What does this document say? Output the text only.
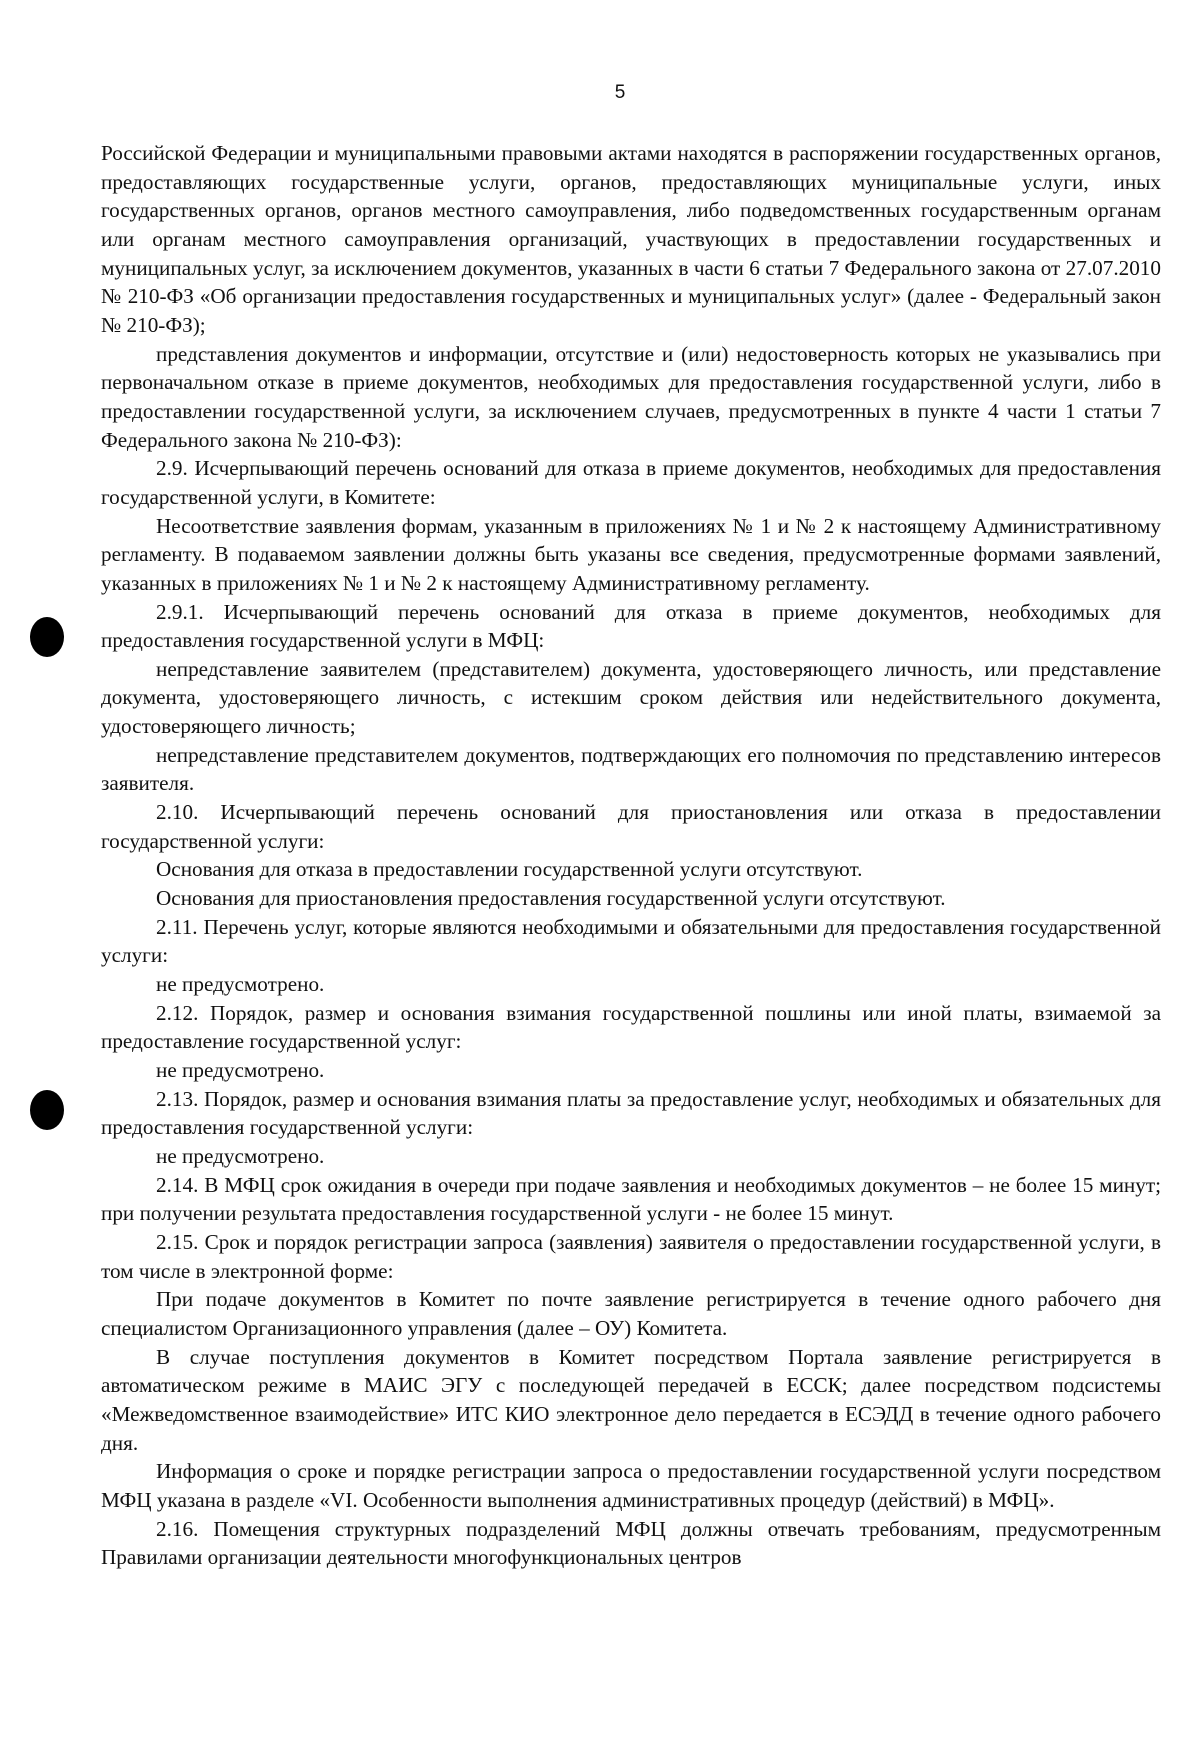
5

Российской Федерации и муниципальными правовыми актами находятся в распоряжении государственных органов, предоставляющих государственные услуги, органов, предоставляющих муниципальные услуги, иных государственных органов, органов местного самоуправления, либо подведомственных государственным органам или органам местного самоуправления организаций, участвующих в предоставлении государственных и муниципальных услуг, за исключением документов, указанных в части 6 статьи 7 Федерального закона от 27.07.2010 № 210-ФЗ «Об организации предоставления государственных и муниципальных услуг» (далее - Федеральный закон № 210-ФЗ);

представления документов и информации, отсутствие и (или) недостоверность которых не указывались при первоначальном отказе в приеме документов, необходимых для предоставления государственной услуги, либо в предоставлении государственной услуги, за исключением случаев, предусмотренных в пункте 4 части 1 статьи 7 Федерального закона № 210-ФЗ):

2.9. Исчерпывающий перечень оснований для отказа в приеме документов, необходимых для предоставления государственной услуги, в Комитете:

Несоответствие заявления формам, указанным в приложениях № 1 и № 2 к настоящему Административному регламенту. В подаваемом заявлении должны быть указаны все сведения, предусмотренные формами заявлений, указанных в приложениях № 1 и № 2 к настоящему Административному регламенту.

2.9.1. Исчерпывающий перечень оснований для отказа в приеме документов, необходимых для предоставления государственной услуги в МФЦ:

непредставление заявителем (представителем) документа, удостоверяющего личность, или представление документа, удостоверяющего личность, с истекшим сроком действия или недействительного документа, удостоверяющего личность;

непредставление представителем документов, подтверждающих его полномочия по представлению интересов заявителя.

2.10. Исчерпывающий перечень оснований для приостановления или отказа в предоставлении государственной услуги:

Основания для отказа в предоставлении государственной услуги отсутствуют.

Основания для приостановления предоставления государственной услуги отсутствуют.

2.11. Перечень услуг, которые являются необходимыми и обязательными для предоставления государственной услуги:

не предусмотрено.

2.12. Порядок, размер и основания взимания государственной пошлины или иной платы, взимаемой за предоставление государственной услуг:

не предусмотрено.

2.13. Порядок, размер и основания взимания платы за предоставление услуг, необходимых и обязательных для предоставления государственной услуги:

не предусмотрено.

2.14. В МФЦ срок ожидания в очереди при подаче заявления и необходимых документов – не более 15 минут; при получении результата предоставления государственной услуги - не более 15 минут.

2.15. Срок и порядок регистрации запроса (заявления) заявителя о предоставлении государственной услуги, в том числе в электронной форме:

При подаче документов в Комитет по почте заявление регистрируется в течение одного рабочего дня специалистом Организационного управления (далее – ОУ) Комитета.

В случае поступления документов в Комитет посредством Портала заявление регистрируется в автоматическом режиме в МАИС ЭГУ с последующей передачей в ЕССК; далее посредством подсистемы «Межведомственное взаимодействие» ИТС КИО электронное дело передается в ЕСЭДД в течение одного рабочего дня.

Информация о сроке и порядке регистрации запроса о предоставлении государственной услуги посредством МФЦ указана в разделе «VI. Особенности выполнения административных процедур (действий) в МФЦ».

2.16. Помещения структурных подразделений МФЦ должны отвечать требованиям, предусмотренным Правилами организации деятельности многофункциональных центров
